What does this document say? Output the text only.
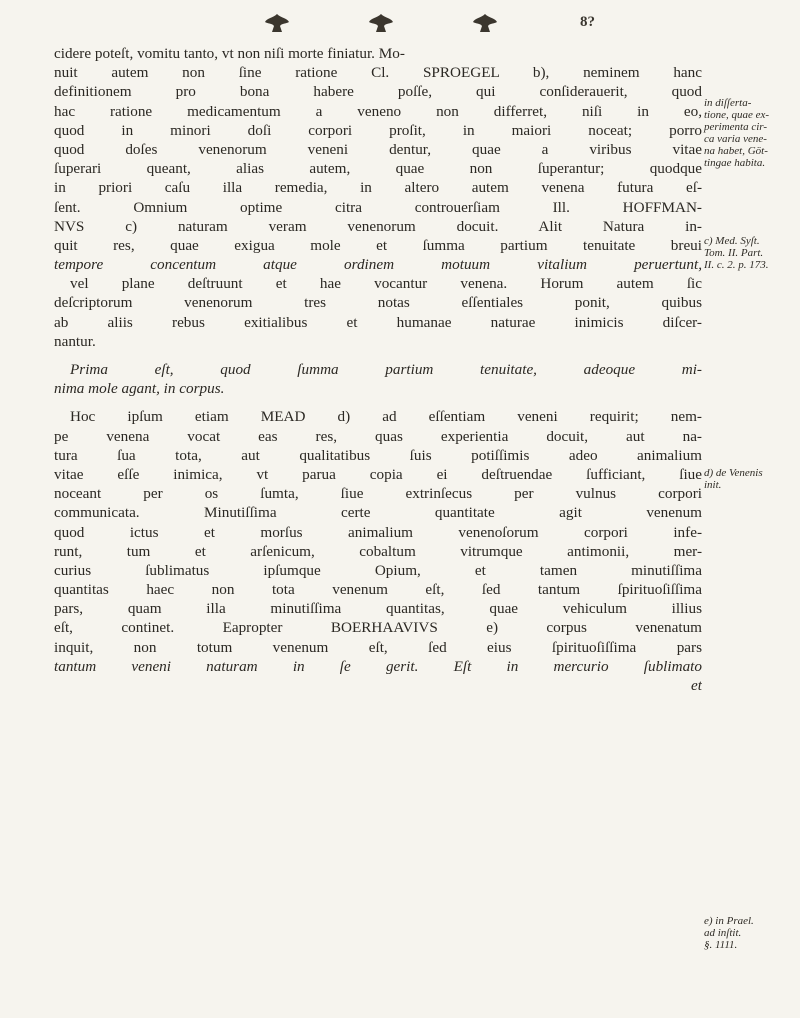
8?
cidere poteſt, vomitu tanto, vt non niſi morte finiatur. Mo-
nuit autem non ſine ratione Cl. SPROEGEL b), neminem hanc
definitionem pro bona habere poſſe, qui conſiderauerit, quod
hac ratione medicamentum a veneno non differret, niſi in eo,
quod in minori doſi corpori proſit, in maiori noceat; porro
quod doſes venenorum veneni dentur, quae a viribus vitae
ſuperari queant, alias autem, quae non ſuperantur; quodque
in priori caſu illa remedia, in altero autem venena futura eſ-
ſent. Omnium optime citra controuerſiam Ill. HOFFMAN-
NVS c) naturam veram venenorum docuit. Alit Natura in-
quit res, quae exigua mole et ſumma partium tenuitate breui
tempore concentum atque ordinem motuum vitalium peruertunt,
vel plane deſtruunt et hae vocantur venena. Horum autem ſic
deſcriptorum venenorum tres notas eſſentiales ponit, quibus
ab aliis rebus exitialibus et humanae naturae inimicis diſcer-
nantur.
Prima eſt, quod ſumma partium tenuitate, adeoque mi-
nima mole agant, in corpus.
Hoc ipſum etiam MEAD d) ad eſſentiam veneni requirit; nem-
pe venena vocat eas res, quas experientia docuit, aut na-
tura ſua tota, aut qualitatibus ſuis potiſſimis adeo animalium
vitae eſſe inimica, vt parua copia ei deſtruendae ſufficiant, ſiue
noceant per os ſumta, ſiue extrinſecus per vulnus corpori
communicata. Minutiſſima certe quantitate agit venenum
quod ictus et morſus animalium venenoſorum corpori infe-
runt, tum et arſenicum, cobaltum vitrumque antimonii, mer-
curius ſublimatus ipſumque Opium, et tamen minutiſſima
quantitas haec non tota venenum eſt, ſed tantum ſpirituoſiſſima
pars, quam illa minutiſſima quantitas, quae vehiculum illius
eſt, continet. Eapropter BOERHAAVIVS e) corpus venenatum
inquit, non totum venenum eſt, ſed eius ſpirituoſiſſima pars
tantum veneni naturam in ſe gerit. Eſt in mercurio ſublimato
et
in diſſerta-
tione, quae ex-
perimenta cir-
ca varia vene-
na habet, Göt-
tingae habita.
c) Med. Syſt.
Tom. II. Part.
II. c. 2. p. 173.
d) de Venenis
init.
e) in Prael.
ad inſtit.
§. 1111.
